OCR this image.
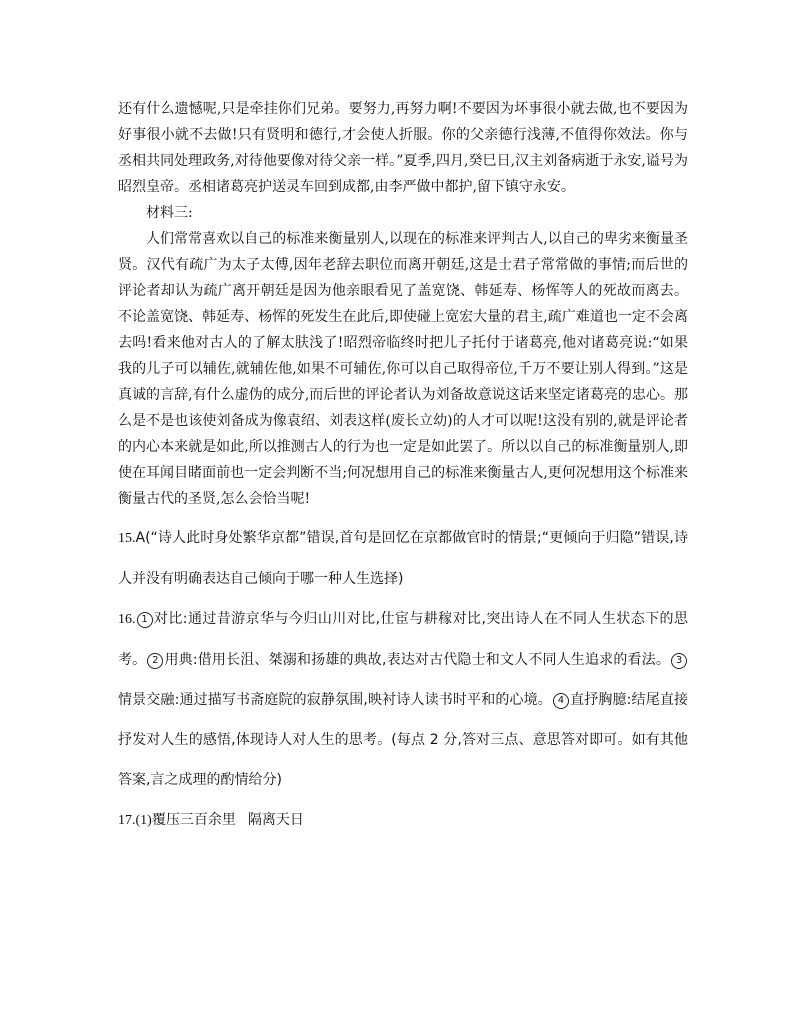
还有什么遗憾呢,只是牵挂你们兄弟。要努力,再努力啊!不要因为坏事很小就去做,也不要因为好事很小就不去做!只有贤明和德行,才会使人折服。你的父亲德行浅薄,不值得你效法。你与丞相共同处理政务,对待他要像对待父亲一样。”夏季,四月,癸巳日,汉主刘备病逝于永安,谥号为昭烈皇帝。丞相诸葛亮护送灵车回到成都,由李严做中都护,留下镇守永安。

材料三:

人们常常喜欢以自己的标准来衡量别人,以现在的标准来评判古人,以自己的卑劣来衡量圣贤。汉代有疏广为太子太傅,因年老辞去职位而离开朝廷,这是士君子常常做的事情;而后世的评论者却认为疏广离开朝廷是因为他亲眼看见了盖宽饶、韩延寿、杨恽等人的死故而离去。不论盖宽饶、韩延寿、杨恽的死发生在此后,即使碰上宽宏大量的君主,疏广难道也一定不会离去吗!看来他对古人的了解太肤浅了!昭烈帝临终时把儿子托付于诸葛亮,他对诸葛亮说:“如果我的儿子可以辅佐,就辅佐他,如果不可辅佐,你可以自己取得帝位,千万不要让别人得到。”这是真诚的言辞,有什么虚伪的成分,而后世的评论者认为刘备故意说这话来坚定诸葛亮的忠心。那么是不是也该使刘备成为像袁绍、刘表这样(废长立幼)的人才可以呢!这没有别的,就是评论者的内心本来就是如此,所以推测古人的行为也一定是如此罢了。所以以自己的标准衡量别人,即使在耳闻目睹面前也一定会判断不当;何况想用自己的标准来衡量古人,更何况想用这个标准来衡量古代的圣贤,怎么会恰当呢!

15.A(“诗人此时身处繁华京都”错误,首句是回忆在京都做官时的情景;“更倾向于归隐”错误,诗人并没有明确表达自己倾向于哪一种人生选择)

16. 1 对比:通过昔游京华与今归山川对比,仕宦与耕稼对比,突出诗人在不同人生状态下的思考。 2 用典:借用长沮、桀溺和扬雄的典故,表达对古代隐士和文人不同人生追求的看法。 3情景交融:通过描写书斋庭院的寂静氛围,映衬诗人读书时平和的心境。 4 直抒胸臆:结尾直接抒发对人生的感悟,体现诗人对人生的思考。(每点 2 分,答对三点、意思答对即可。如有其他答案,言之成理的酌情给分)

17.(1)覆压三百余里 隔离天日
